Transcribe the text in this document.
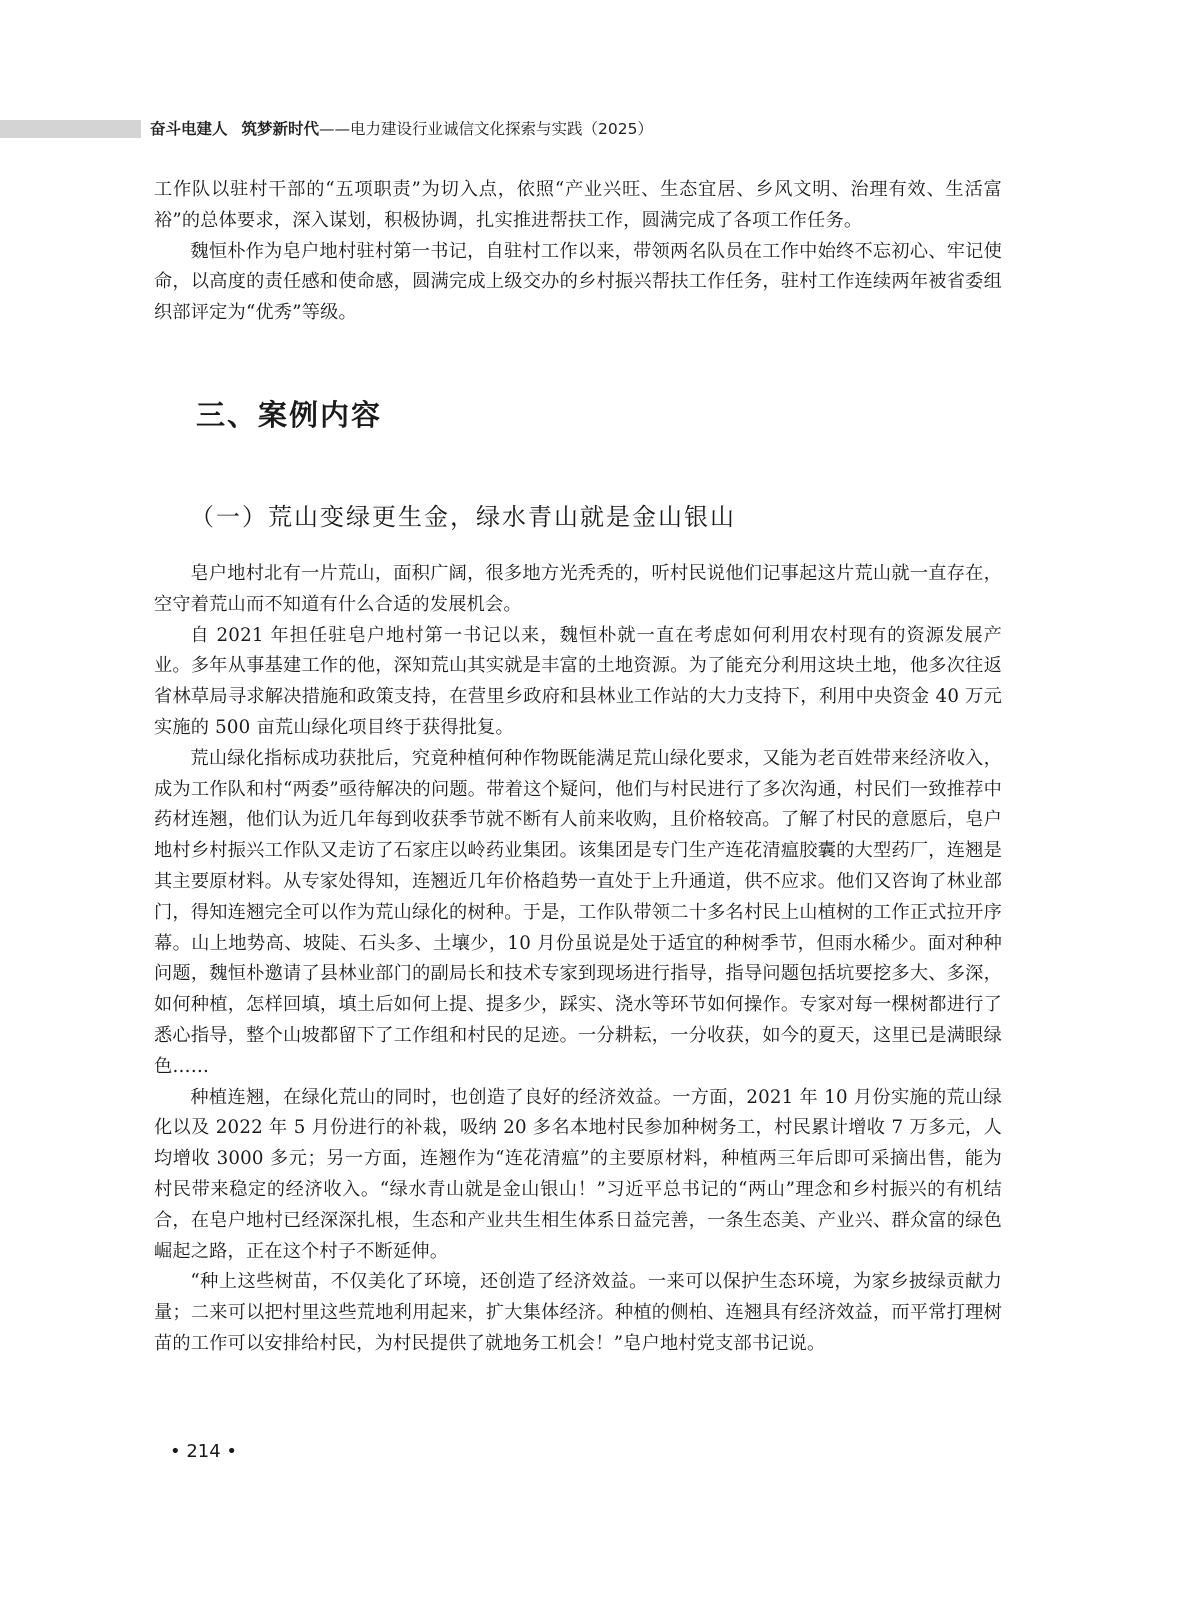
奋斗电建人 筑梦新时代——电力建设行业诚信文化探索与实践（2025）

工作队以驻村干部的“五项职责”为切入点，依照“产业兴旺、生态宜居、乡风文明、治理有效、生活富裕”的总体要求，深入谋划，积极协调，扎实推进帮扶工作，圆满完成了各项工作任务。

魏恒朴作为皂户地村驻村第一书记，自驻村工作以来，带领两名队员在工作中始终不忘初心、牢记使命，以高度的责任感和使命感，圆满完成上级交办的乡村振兴帮扶工作任务，驻村工作连续两年被省委组织部评定为“优秀”等级。

三、案例内容
（一）荒山变绿更生金，绿水青山就是金山银山

皂户地村北有一片荒山，面积广阔，很多地方光秃秃的，听村民说他们记事起这片荒山就一直存在，空守着荒山而不知道有什么合适的发展机会。

自 2021 年担任驻皂户地村第一书记以来，魏恒朴就一直在考虑如何利用农村现有的资源发展产业。多年从事基建工作的他，深知荒山其实就是丰富的土地资源。为了能充分利用这块土地，他多次往返省林草局寻求解决措施和政策支持，在营里乡政府和县林业工作站的大力支持下，利用中央资金 40 万元实施的 500 亩荒山绿化项目终于获得批复。

荒山绿化指标成功获批后，究竟种植何种作物既能满足荒山绿化要求，又能为老百姓带来经济收入，成为工作队和村“两委”亟待解决的问题。带着这个疑问，他们与村民进行了多次沟通，村民们一致推荐中药材连翘，他们认为近几年每到收获季节就不断有人前来收购，且价格较高。了解了村民的意愿后，皂户地村乡村振兴工作队又走访了石家庄以岭药业集团。该集团是专门生产连花清瘟胶囊的大型药厂，连翘是其主要原材料。从专家处得知，连翘近几年价格趋势一直处于上升通道，供不应求。他们又咨询了林业部门，得知连翘完全可以作为荒山绿化的树种。于是，工作队带领二十多名村民上山植树的工作正式拉开序幕。山上地势高、坡陡、石头多、土壤少，10 月份虽说是处于适宜的种树季节，但雨水稀少。面对种种问题，魏恒朴邀请了县林业部门的副局长和技术专家到现场进行指导，指导问题包括坑要挖多大、多深，如何种植，怎样回填，填土后如何上提、提多少，踩实、浇水等环节如何操作。专家对每一棵树都进行了悉心指导，整个山坡都留下了工作组和村民的足迹。一分耕耘，一分收获，如今的夏天，这里已是满眼绿色……

种植连翘，在绿化荒山的同时，也创造了良好的经济效益。一方面，2021 年 10 月份实施的荒山绿化以及 2022 年 5 月份进行的补栽，吸纳 20 多名本地村民参加种树务工，村民累计增收 7 万多元，人均增收 3000 多元；另一方面，连翘作为“连花清瘟”的主要原材料，种植两三年后即可采摘出售，能为村民带来稳定的经济收入。“绿水青山就是金山银山！”习近平总书记的“两山”理念和乡村振兴的有机结合，在皂户地村已经深深扎根，生态和产业共生相生体系日益完善，一条生态美、产业兴、群众富的绿色崛起之路，正在这个村子不断延伸。

“种上这些树苗，不仅美化了环境，还创造了经济效益。一来可以保护生态环境，为家乡披绿贡献力量；二来可以把村里这些荒地利用起来，扩大集体经济。种植的侧柏、连翘具有经济效益，而平常打理树苗的工作可以安排给村民，为村民提供了就地务工机会！”皂户地村党支部书记说。

• 214 •
